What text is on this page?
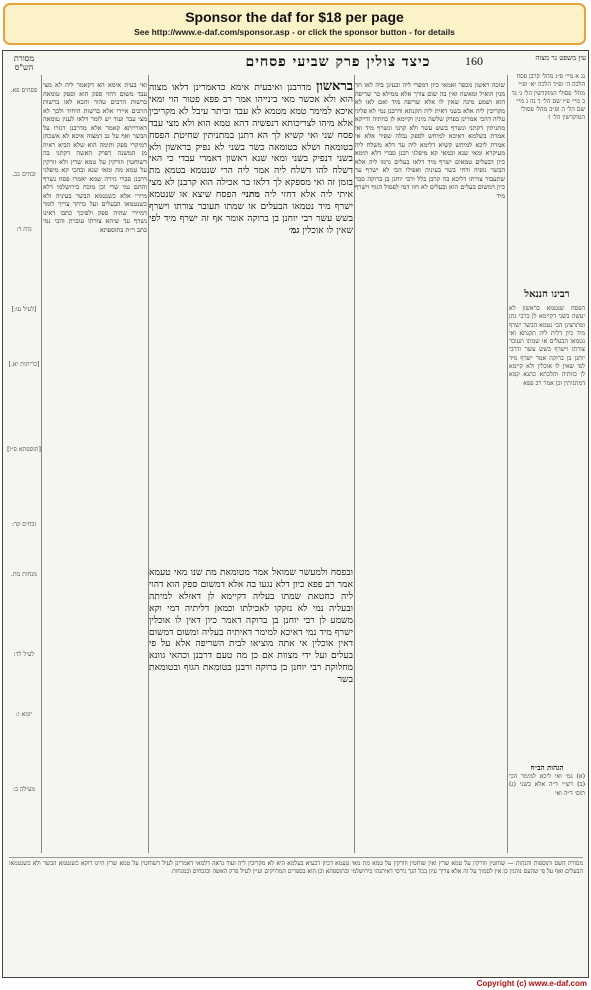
Sponsor the daf for $18 per page
See http://www.e-daf.com/sponsor.asp - or click the sponsor button - for details
מסורת הש"ס	כיצד צולין פרק שביעי פסחים	160	עין משפט נר מצוה
בראשון מדרבנן ואיבעית אימא כדאמרינן דלאו מצוה הוא ולא אכשר מאי בינייהו אמר רב פפא פטור הוי ומאי איכא למימר טמא מטמא לא עבד וביתר עיבל לא מקריבין אלא מיהו לצריכותא דנפשיה דהא טמא הוא ולא מצי עבד פסח שני ואי קשיא לך הא דתנן במתניתין שחיטת הפסח בטומאה ושלא בטומאה כשר בשני לא נפיק בראשון ולא בשני דנפיק בשני ומאי שנא ראשון דאמרי עבדי כי האי דשלח להו דשלח ליה אמר ליה הרי שנטמא בטמא מת בזמן זה ואי מספקא לך דלאו בר אכילה הוא קרבנן לא מצי איתי ליה אלא דחזי ליה מתני׳ הפסח שיצא או שנטמא ישרף מיד נטמאו הבעלים או שמתו תעובר צורתו וישרף בשש עשר רבי יוחנן בן ברוקה אומר אף זה ישרף מיד לפי שאין לו אוכלין גמ׳
ובפסח ולמעשר שמואל אמר מטומאת מת שנו מאי טעמא אמר רב פפא כיון דלא נגעו בה אלא דמשום ספק הוא דהוי ליה כחטאת שמתו בעליה דקיימא לן דאזלא למיתה ובעליה נמי לא נזקקו לאכילתו וכמאן דליתיה דמי וקא משמע לן רבי יוחנן בן ברוקה דאמר כיון דאין לו אוכלין ישרף מיד נמי דאיכא למימר דאיתיה בעליה ומשום דמשום דאין אוכלין אי אתה מוציאו לבית השריפה אלא על פי בעלים ועל ידי מצוות אם כן מה טעם דרבנן וכהאי גוונא מחלוקת רבי יוחנן בן ברוקה ורבנן בטומאת הגוף ובטומאת בשר
שזכה ראשון מכפר ואמאי כיון דמפרי ליה ובעינן ביה לאו חד מנין הואיל ומאשה ואין בה שום צורך אלא ממילא בר שריפה הוא ושמע מינה שאין לו אלא שריפה מיד ואם לאו לא מקריבין ליה אלא בשני דאית ליה תקנתא ודרבנן נמי לא פליגי עליה דהכי אמרינן בפרק שלשה מינין וקיימא לן כוותיה ודייקא מתניתין דקתני ונשרף בשש עשר ולא קתני ונשרף מיד ואי אמרת בשלמא דאיכא למיחש לספק נבלה שפיר אלא אי אמרת ליכא למיחש קשיא דלימא ליה עד דלא משלח ליה מעיקרא ומאי שנא ובמאי קא מיפלגי רבנן סברי דלא תימא כיון דבעלים טמאים ישרף מיד דלאו בעלים גרמו ליה אלא הבשר גופיה ודחי בשר בעיניה ואפילו הכי לא ישרף עד שתעבור צורתו דליכא בה קרבן כלל ורבי יוחנן בן ברוקה סבר כיון דמשום בעלים הוא ובעלים לא חזו דמי לפסול הגוף וישרף מיד
ואי בעית אימא הא דקאמר ליה לא מצי עבד משום דהוי ספק הוא וספק טומאה ברשות הרבים טהור והכא לאו ברשות הרבים איירי אלא ברשות היחיד ולכך לא מצי עבד ועוד יש לומר דלאו לענין טומאה דאורייתא קאמר אלא מדרבנן דגזרו על הבשר ואף על גב דמצוה איכא לא אשכחן דמיקרי ספק ותימה הוא שלא הביא ראיה מן המשנה דפרק האשה דקתני בה דשוחטין וזורקין על טמא שרץ ולא זורקין על טמא מת ומאי שנא ובהכי קא מיפלגי דרבנן סברי גזירה שמא יאמרו פסח נשרף והתם נמי שרי וכן מוכח בירושלמי דלא מיירי אלא כשנטמא הבשר בעיניה ולא כשנטמאו הבעלים ועל כרחך צריך לומר דמיירי שהיה ספק ולפיכך כתבו דאינו נשרף עד שיהא צורתו עוברת והכי נמי כתב ר״ת בתוספתא
נג א מיי׳ פ״ג מהל׳ קרבן פסח הלכה ה׳ ופ״ד הלכה יא׳ ופ״י מהל׳ פסולי המוקדשין הל׳ ג׳ נד ב מיי׳ פ״ו שם הל׳ ד נה ג מיי׳ שם הל׳ ה ופ״ב מהל׳ פסולי המוקדשין הל׳ ז׳
רבינו חננאל
הפסח שנטמא בראשון לא יעשה בשני דקיימא לן כרבי נתן ומתרצינן הכי נטמא הבשר ישרף מיד כיון דלית ליה תקנתא ואי נטמאו הבעלים או שמתו תעובר צורתו וישרף בשש עשר ודרבי יוחנן בן ברוקה אמר ישרף מיד לפי שאין לו אוכלין ולא קיימא לן כוותיה והלכתא כתנא קמא דמתניתין וכן אמר רב פפא
הגהות הב״ח
(א) גמ׳ ואי ליכא למימר הכי (ב) רש״י ד״ה אלא בשני (ג) תוס׳ ד״ה ואי
פסחים פא.
זבחים כב.
נדה ד:
[לעיל עו:]
[כריתות יא.]
[תוספתא פ״ז]
זבחים קד:
מנחות מח.
לעיל לד:
יומא ו:
מעילה ב:
מסורת השס ותוספות והגהות — שוחטין וזורקין על טמא שרץ ואין שוחטין וזורקין על טמא מת מאי טעמא דכיון דבעיא בעלמא היא לא מקריבין ליה ועוד נראה דלמאי דאמרינן לעיל דשוחטין על טמא שרץ היינו דוקא כשנטמא הבשר ולא כשנטמאו הבעלים ואף על פי שהעם נוהגין כן אין לסמוך על זה אלא צריך עיון בכל הנך גירסי דאיתנהו בירושלמי ובתוספתא וכן הוא בספרים המדויקים ועיין לעיל פרק האשה ובזבחים ובמנחות
Copyright (c) www.e-daf.com
